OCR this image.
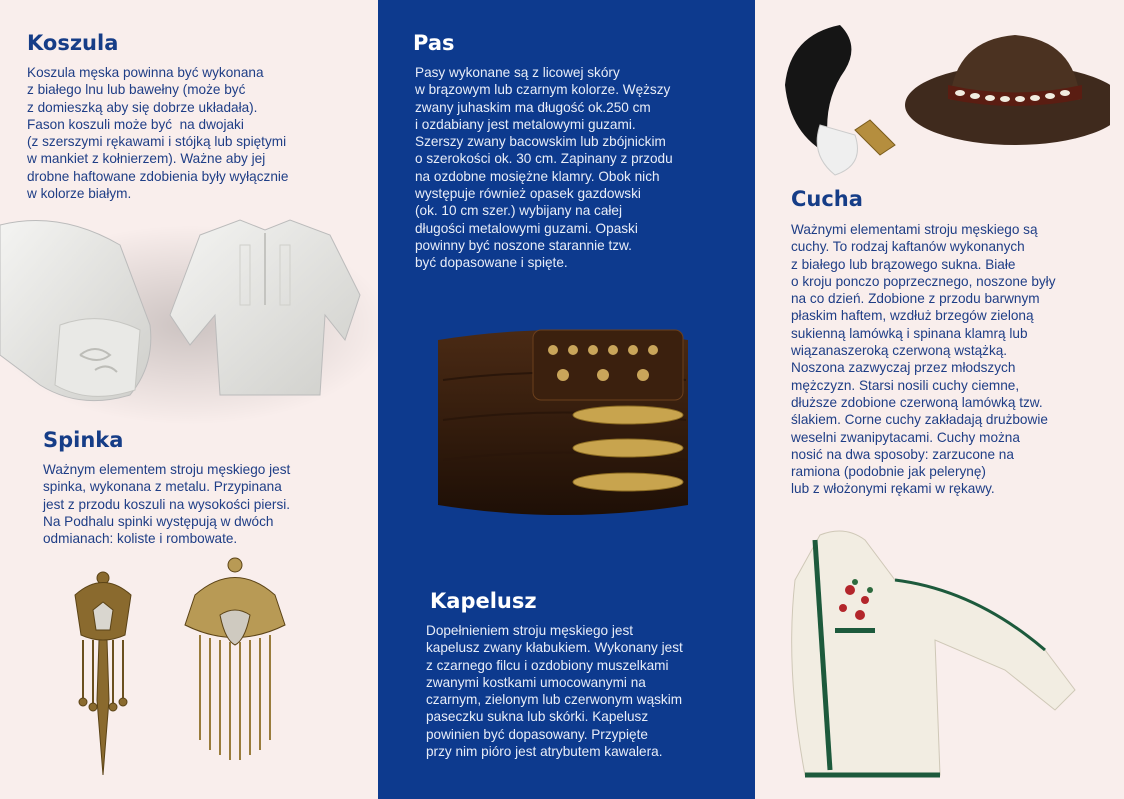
Koszula

Koszula męska powinna być wykonana
z białego lnu lub bawełny (może być
z domieszką aby się dobrze układała).
Fason koszuli może być  na dwojaki
(z szerszymi rękawami i stójką lub spiętymi
w mankiet z kołnierzem). Ważne aby jej
drobne haftowane zdobienia były wyłącznie
w kolorze białym.

Spinka

Ważnym elementem stroju męskiego jest
spinka, wykonana z metalu. Przypinana
jest z przodu koszuli na wysokości piersi.
Na Podhalu spinki występują w dwóch
odmianach: koliste i rombowate.

Pas

Pasy wykonane są z licowej skóry
w brązowym lub czarnym kolorze. Węższy
zwany juhaskim ma długość ok.250 cm
i ozdabiany jest metalowymi guzami.
Szerszy zwany bacowskim lub zbójnickim
o szerokości ok. 30 cm. Zapinany z przodu
na ozdobne mosiężne klamry. Obok nich
występuje również opasek gazdowski
(ok. 10 cm szer.) wybijany na całej
długości metalowymi guzami. Opaski
powinny być noszone starannie tzw.
być dopasowane i spięte.

Kapelusz

Dopełnieniem stroju męskiego jest
kapelusz zwany kłabukiem. Wykonany jest
z czarnego filcu i ozdobiony muszelkami
zwanymi kostkami umocowanymi na
czarnym, zielonym lub czerwonym wąskim
paseczku sukna lub skórki. Kapelusz
powinien być dopasowany. Przypięte
przy nim pióro jest atrybutem kawalera.

Cucha

Ważnymi elementami stroju męskiego są
cuchy. To rodzaj kaftanów wykonanych
z białego lub brązowego sukna. Białe
o kroju ponczo poprzecznego, noszone były
na co dzień. Zdobione z przodu barwnym
płaskim haftem, wzdłuż brzegów zieloną
sukienną lamówką i spinana klamrą lub
wiązanaszeroką czerwoną wstążką.
Noszona zazwyczaj przez młodszych
mężczyzn. Starsi nosili cuchy ciemne,
dłuższe zdobione czerwoną lamówką tzw.
ślakiem. Corne cuchy zakładają drużbowie
weselni zwanipytacami. Cuchy można
nosić na dwa sposoby: zarzucone na
ramiona (podobnie jak pelerynę)
lub z włożonymi rękami w rękawy.
